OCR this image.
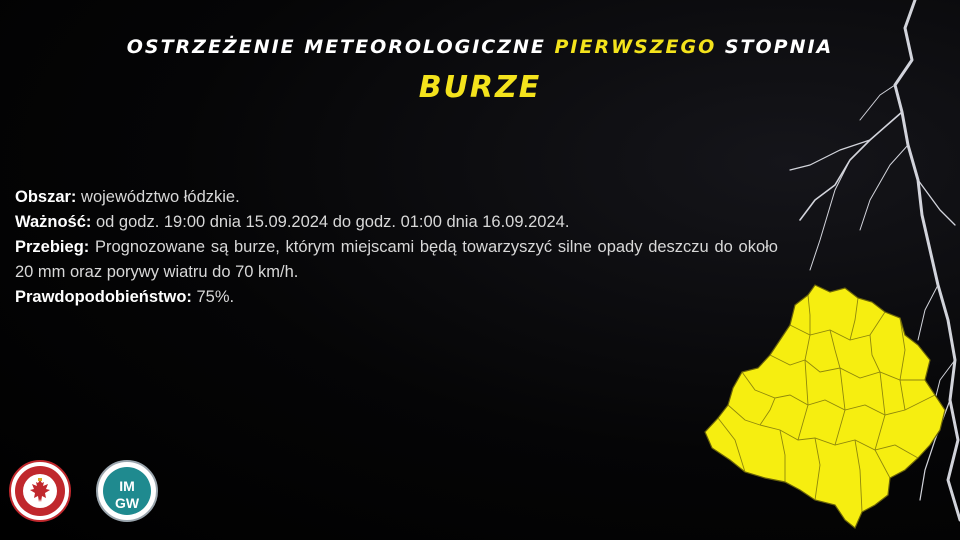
OSTRZEŻENIE METEOROLOGICZNE PIERWSZEGO STOPNIA
BURZE

Obszar: województwo łódzkie.

Ważność: od godz. 19:00 dnia 15.09.2024 do godz. 01:00 dnia 16.09.2024.

Przebieg: Prognozowane są burze, którym miejscami będą towarzyszyć silne opady deszczu do około 20 mm oraz porywy wiatru do 70 km/h.

Prawdopodobieństwo: 75%.

IM
GW
